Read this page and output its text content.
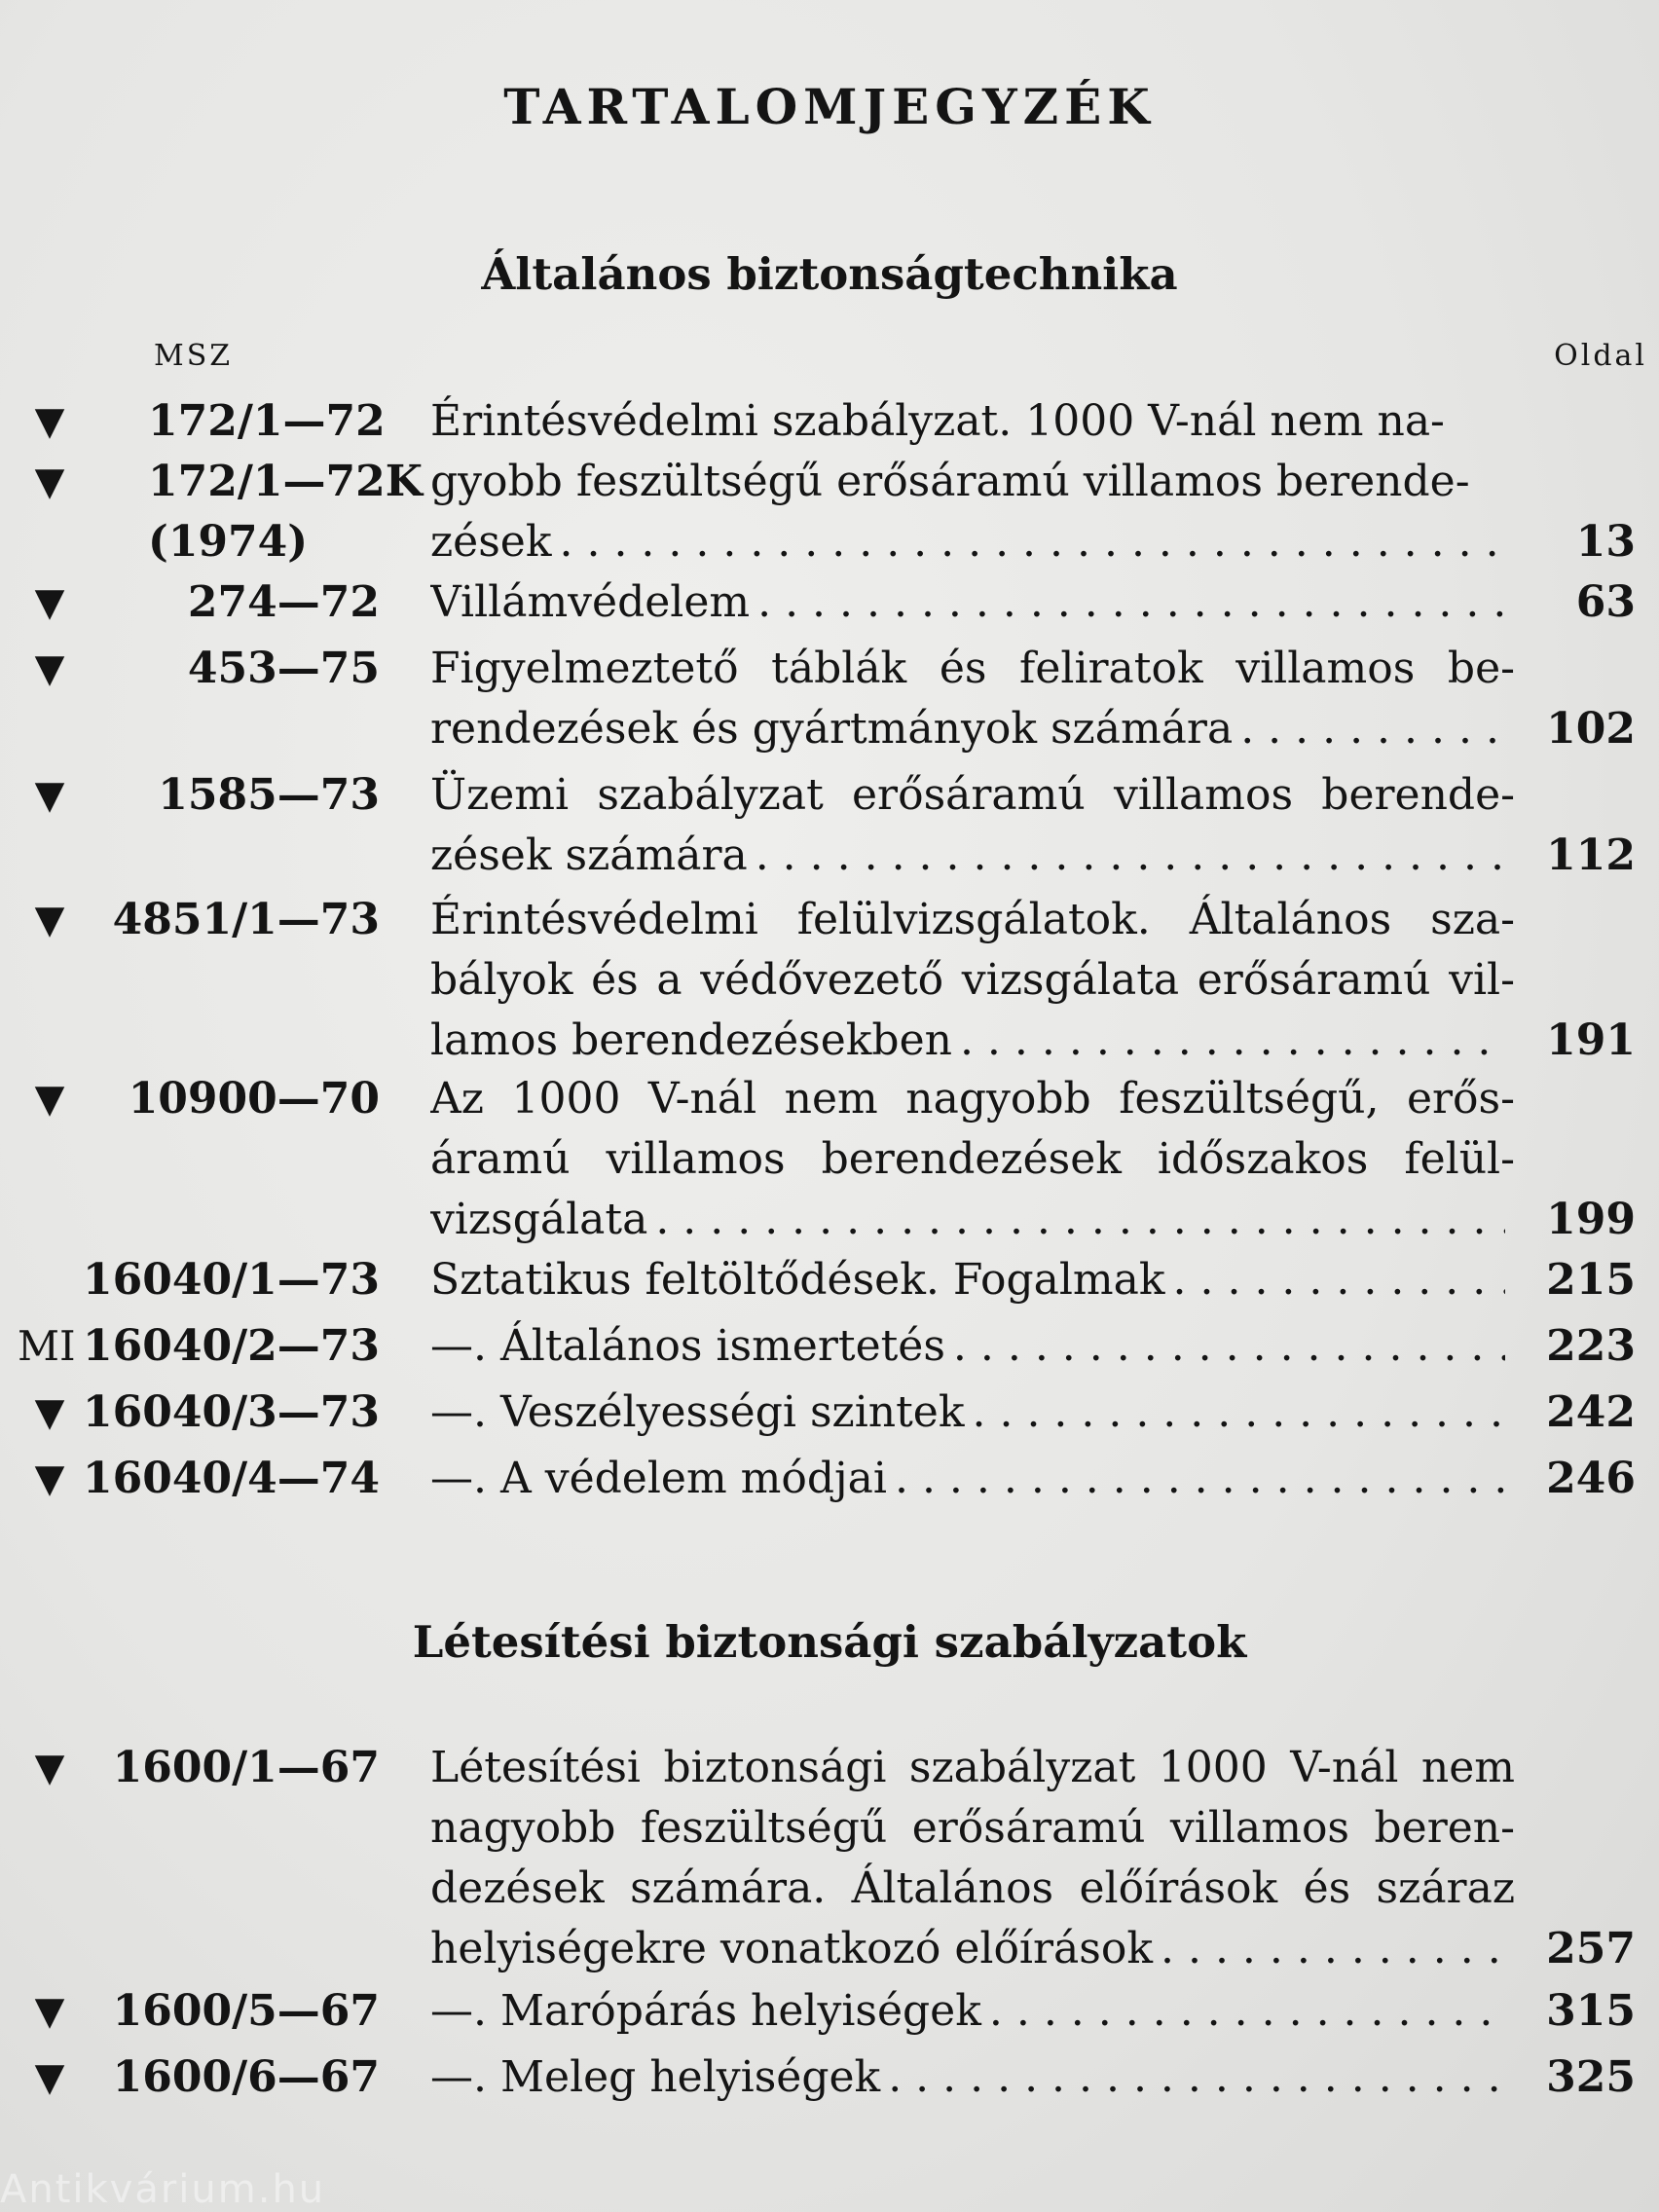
TARTALOMJEGYZÉK
Általános biztonságtechnika
MSZ	Oldal
Létesítési biztonsági szabályzatok
▼	172/1—72	Érintésvédelmi szabályzat. 1000 V-nál nem na-
▼	172/1—72K gyobb feszültségű erősáramú villamos berende-
(1974)	zések . . .	13
▼	274—72 Villámvédelem . . .	63
▼	453—75 Figyelmeztető táblák és feliratok villamos be-
rendezések és gyártmányok számára . . .	102
▼	1585—73 Üzemi szabályzat erősáramú villamos berende-
zések számára . . .	112
▼	4851/1—73 Érintésvédelmi felülvizsgálatok. Általános sza-
bályok és a védővezető vizsgálata erősáramú vil-
lamos berendezésekben . . .	191
▼	10900—70 Az 1000 V-nál nem nagyobb feszültségű, erős-
áramú villamos berendezések időszakos felül-
vizsgálata . . .	199
16040/1—73 Sztatikus feltöltődések. Fogalmak . . .	215
MI 16040/2—73 —. Általános ismertetés . . .	223
▼ 16040/3—73 —. Veszélyességi szintek . . .	242
▼ 16040/4—74 —. A védelem módjai . . .	246
▼	1600/1—67 Létesítési biztonsági szabályzat 1000 V-nál nem
nagyobb feszültségű erősáramú villamos beren-
dezések számára. Általános előírások és száraz
helyiségekre vonatkozó előírások . . .	257
▼	1600/5—67 —. Marópárás helyiségek . . .	315
▼	1600/6—67 —. Meleg helyiségek . . .	325
Antikvárium.hu
